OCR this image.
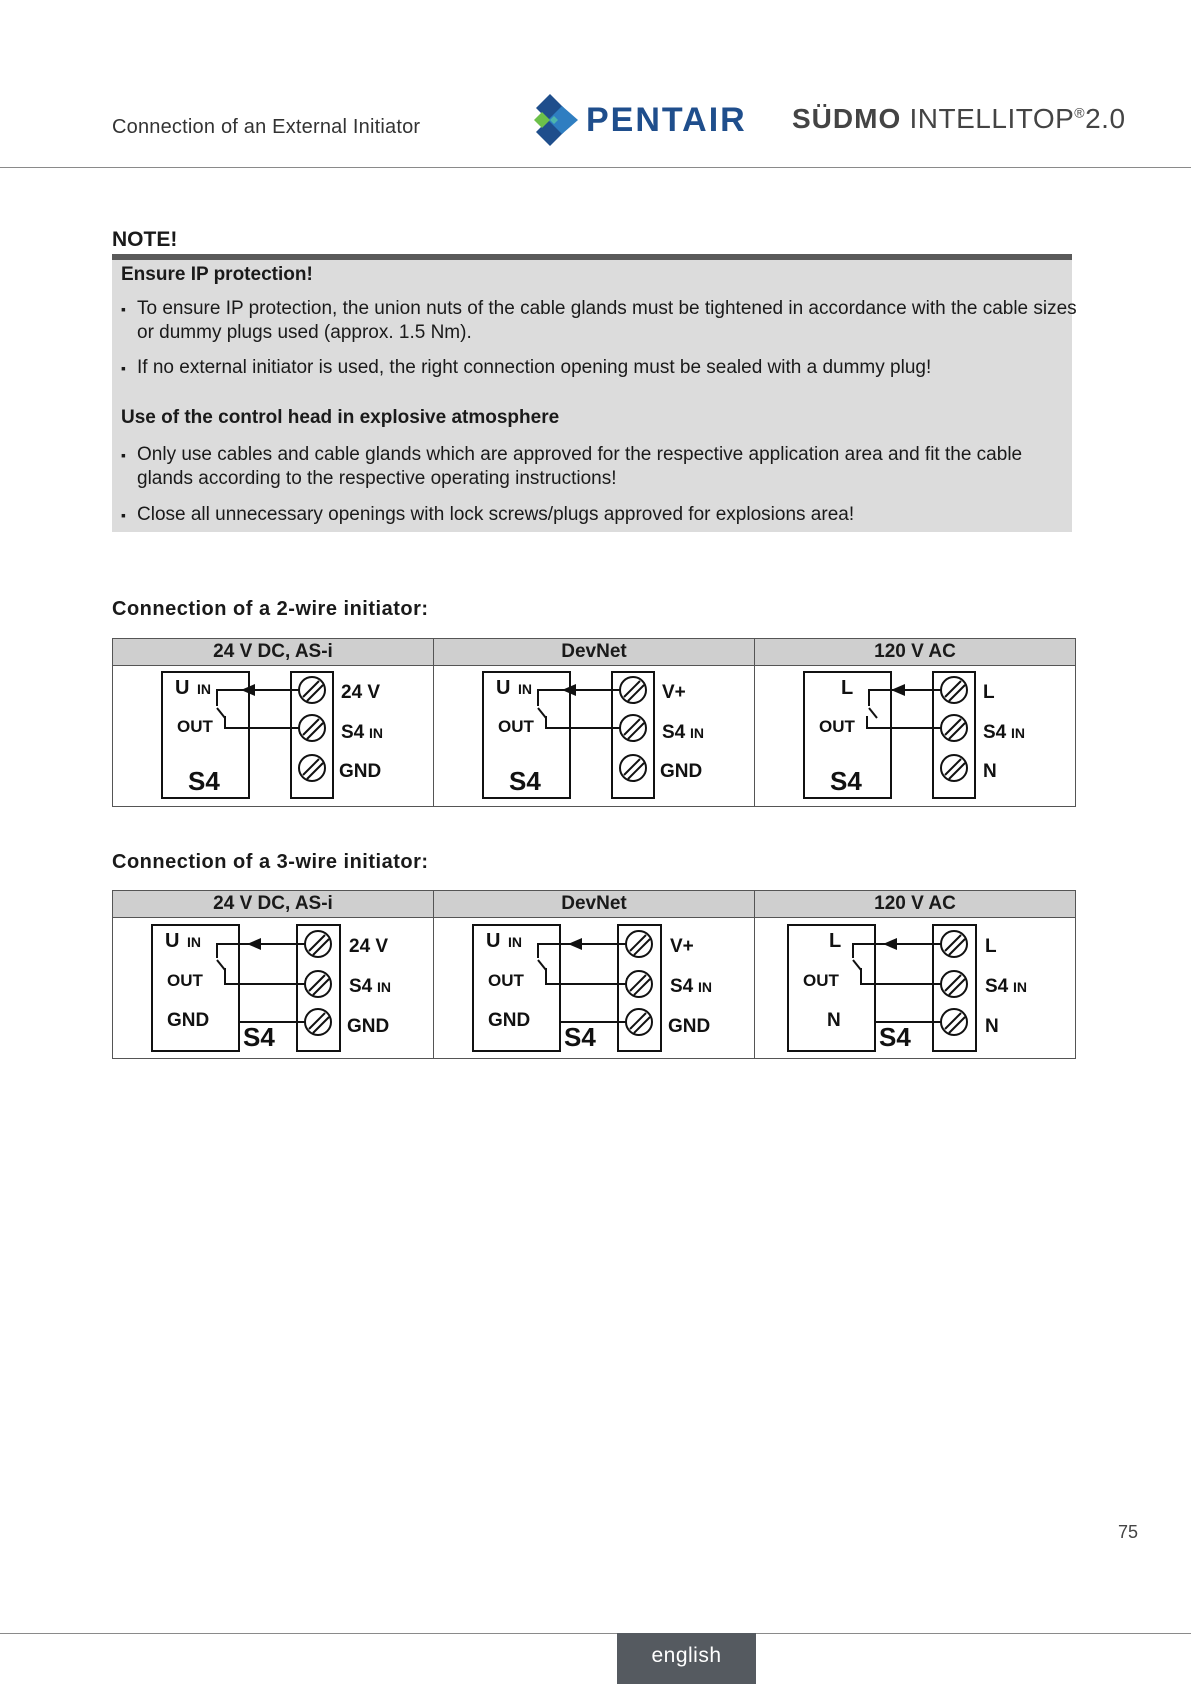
Connection of an External Initiator	PENTAIR SÜDMO INTELLITOP®2.0
NOTE!
Ensure IP protection!
▪ To ensure IP protection, the union nuts of the cable glands must be tightened in accordance with the cable sizes or dummy plugs used (approx. 1.5 Nm).
▪ If no external initiator is used, the right connection opening must be sealed with a dummy plug!
Use of the control head in explosive atmosphere
▪ Only use cables and cable glands which are approved for the respective application area and fit the cable glands according to the respective operating instructions!
▪ Close all unnecessary openings with lock screws/plugs approved for explosions area!
Connection of a 2-wire initiator:
24 V DC, AS-i	DevNet	120 V AC
U IN
OUT
S4
24 V
S4 IN
GND
U IN
OUT
S4
V+
S4 IN
GND
L
OUT
S4
L
S4 IN
N
Connection of a 3-wire initiator:
24 V DC, AS-i	DevNet	120 V AC
U IN
OUT
GND
S4
24 V
S4 IN
GND
U IN
OUT
GND
S4
V+
S4 IN
GND
L
OUT
N
S4
L
S4 IN
N
75
english
